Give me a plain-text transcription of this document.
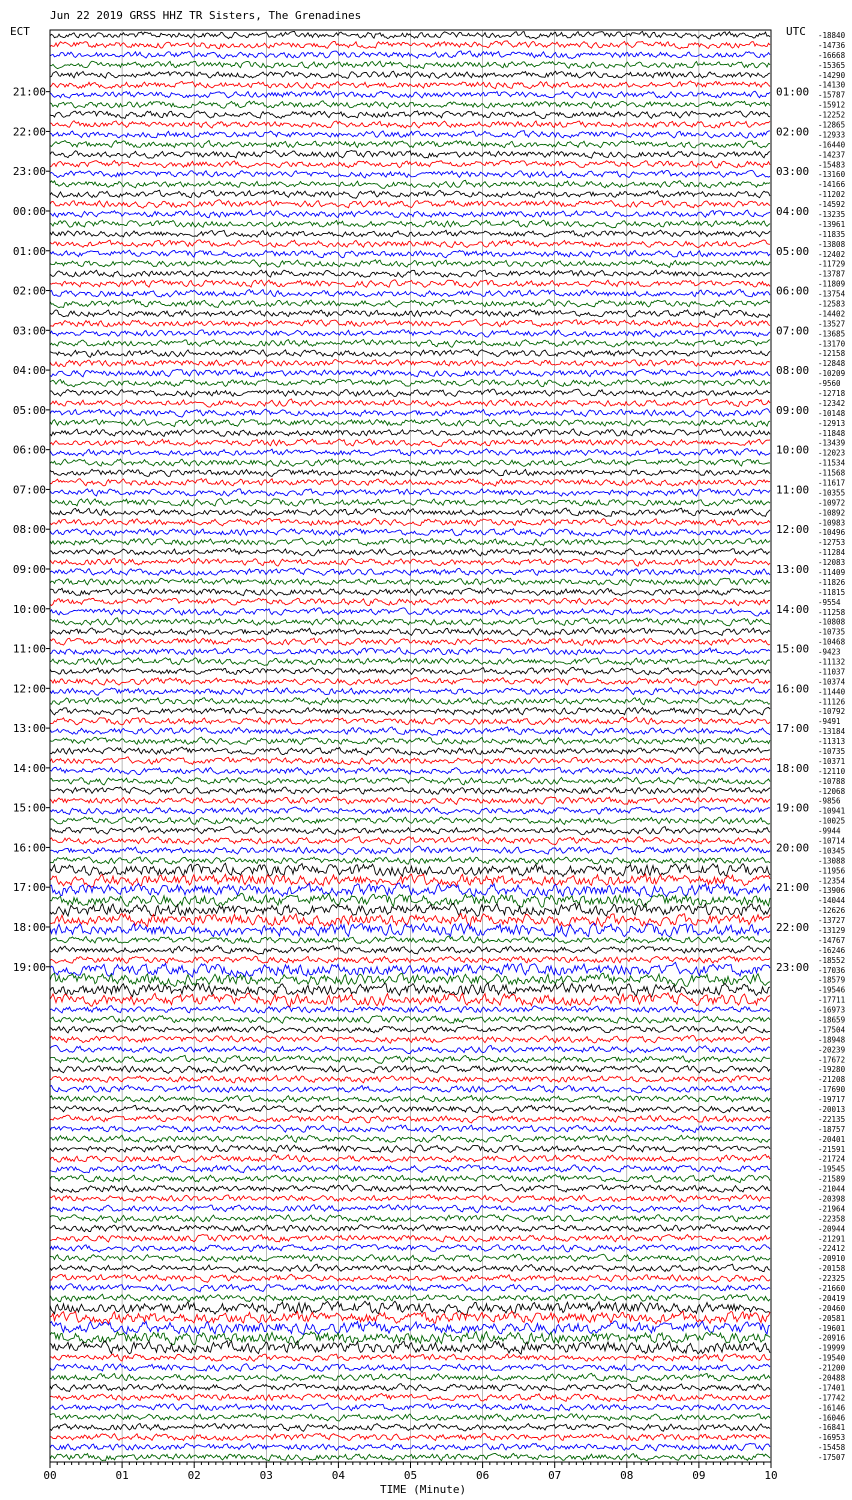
Jun 22 2019 GRSS HHZ TR Sisters, The Grenadines
ECT	UTC
TIME (Minute)
-18840
-14736
-16668
-15365
-14290
-14130
-15787
-15912
-12252
-12865
-12933
-16440
-14237
-15483
-13160
-14166
-11202
-14592
-13235
-13961
-11835
-13808
-12402
-11729
-13787
-11809
-13754
-12583
-14402
-13527
-13685
-13170
-12158
-12848
-10209
-9560
-12718
-12342
-10148
-12913
-11848
-13439
-12023
-11534
-11568
-11617
-10355
-10972
-10892
-10983
-10496
-12753
-11284
-12083
-11409
-11826
-11815
-9554
-11258
-10808
-10735
-10468
-9423
-11132
-11037
-10374
-11440
-11126
-10792
-9491
-13184
-11313
-10735
-10371
-12110
-10788
-12068
-9856
-10941
-10025
-9944
-10714
-10345
-13088
-11956
-12354
-13906
-14044
-12626
-13727
-13129
-14767
-16246
-18552
-17036
-18579
-19546
-17711
-16973
-18659
-17504
-18948
-20239
-17672
-19280
-21208
-17690
-19717
-20013
-22135
-18757
-20401
-21591
-21724
-19545
-21589
-21044
-20398
-21964
-22358
-20944
-21291
-22412
-20910
-20158
-22325
-21660
-20419
-20460
-20581
-19601
-20916
-19999
-19540
-21200
-20488
-17401
-17742
-16146
-16046
-16841
-16953
-15458
-17507
21:00
22:00
23:00
00:00
01:00
02:00
03:00
04:00
05:00
06:00
07:00
08:00
09:00
10:00
11:00
12:00
13:00
14:00
15:00
16:00
17:00
18:00
19:00
01:00
02:00
03:00
04:00
05:00
06:00
07:00
08:00
09:00
10:00
11:00
12:00
13:00
14:00
15:00
16:00
17:00
18:00
19:00
20:00
21:00
22:00
23:00
00	01	02	03	04	05	06	07	08	09	10
